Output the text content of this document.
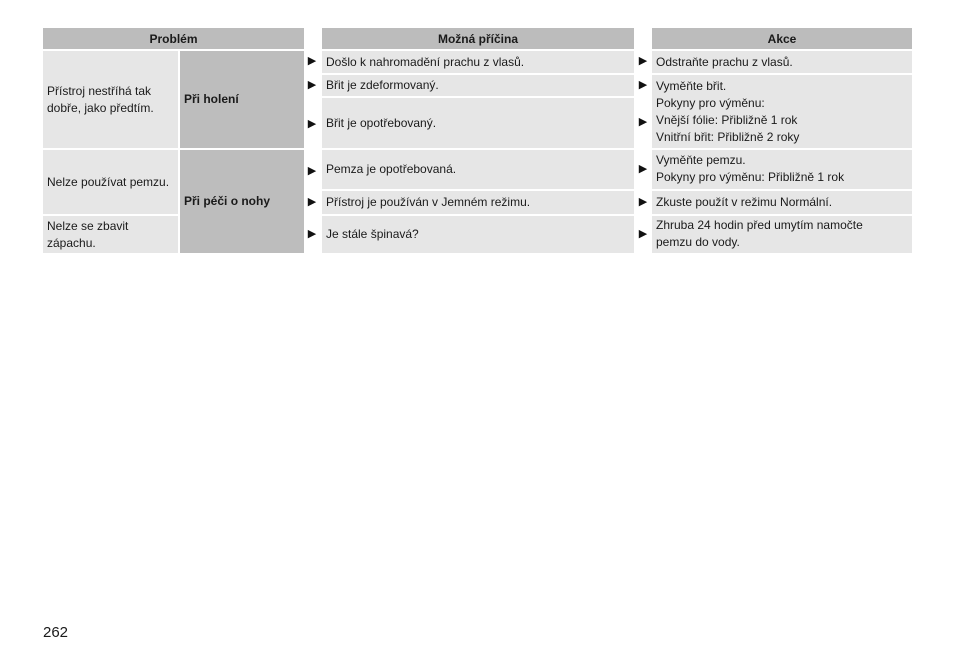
Problém	Možná příčina	Akce
Přístroj nestříhá tak dobře, jako předtím.
Při holení
Nelze používat pemzu.
Nelze se zbavit zápachu.
Při péči o nohy
▶
▶
▶
▶
▶
▶
Došlo k nahromadění prachu z vlasů.
Břit je zdeformovaný.
Břit je opotřebovaný.
Pemza je opotřebovaná.
Přístroj je používán v Jemném režimu.
Je stále špinavá?
▶
▶
▶
▶
▶
▶
Odstraňte prachu z vlasů.
Vyměňte břit.
Pokyny pro výměnu:
Vnější fólie: Přibližně 1 rok
Vnitřní břit: Přibližně 2 roky
Vyměňte pemzu.
Pokyny pro výměnu: Přibližně 1 rok
Zkuste použít v režimu Normální.
Zhruba 24 hodin před umytím namočte
pemzu do vody.
262
